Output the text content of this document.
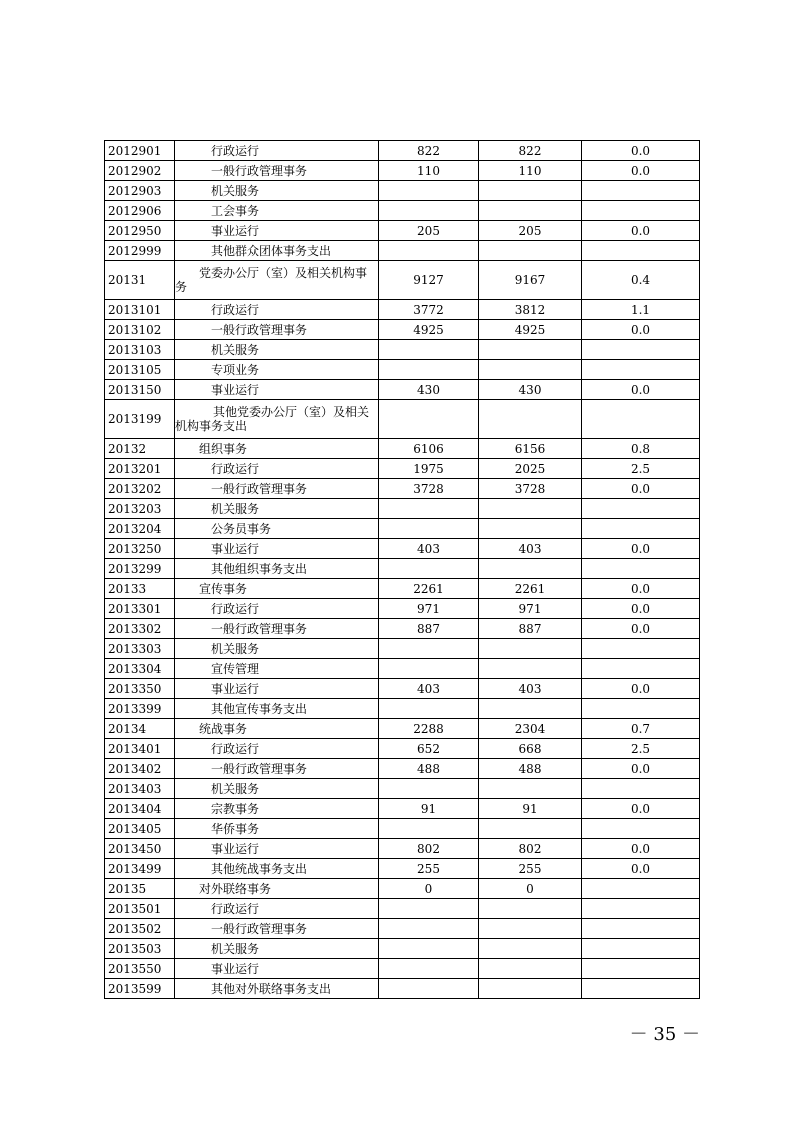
2012901	行政运行	822	822	0.0
2012902	一般行政管理事务	110	110	0.0
2012903	机关服务			
2012906	工会事务			
2012950	事业运行	205	205	0.0
2012999	其他群众团体事务支出			
20131	党委办公厅（室）及相关机构事务	9127	9167	0.4
2013101	行政运行	3772	3812	1.1
2013102	一般行政管理事务	4925	4925	0.0
2013103	机关服务			
2013105	专项业务			
2013150	事业运行	430	430	0.0
2013199	其他党委办公厅（室）及相关机构事务支出			
20132	组织事务	6106	6156	0.8
2013201	行政运行	1975	2025	2.5
2013202	一般行政管理事务	3728	3728	0.0
2013203	机关服务			
2013204	公务员事务			
2013250	事业运行	403	403	0.0
2013299	其他组织事务支出			
20133	宣传事务	2261	2261	0.0
2013301	行政运行	971	971	0.0
2013302	一般行政管理事务	887	887	0.0
2013303	机关服务			
2013304	宣传管理			
2013350	事业运行	403	403	0.0
2013399	其他宣传事务支出			
20134	统战事务	2288	2304	0.7
2013401	行政运行	652	668	2.5
2013402	一般行政管理事务	488	488	0.0
2013403	机关服务			
2013404	宗教事务	91	91	0.0
2013405	华侨事务			
2013450	事业运行	802	802	0.0
2013499	其他统战事务支出	255	255	0.0
20135	对外联络事务	0	0	
2013501	行政运行			
2013502	一般行政管理事务			
2013503	机关服务			
2013550	事业运行			
2013599	其他对外联络事务支出			
－ 35 －
